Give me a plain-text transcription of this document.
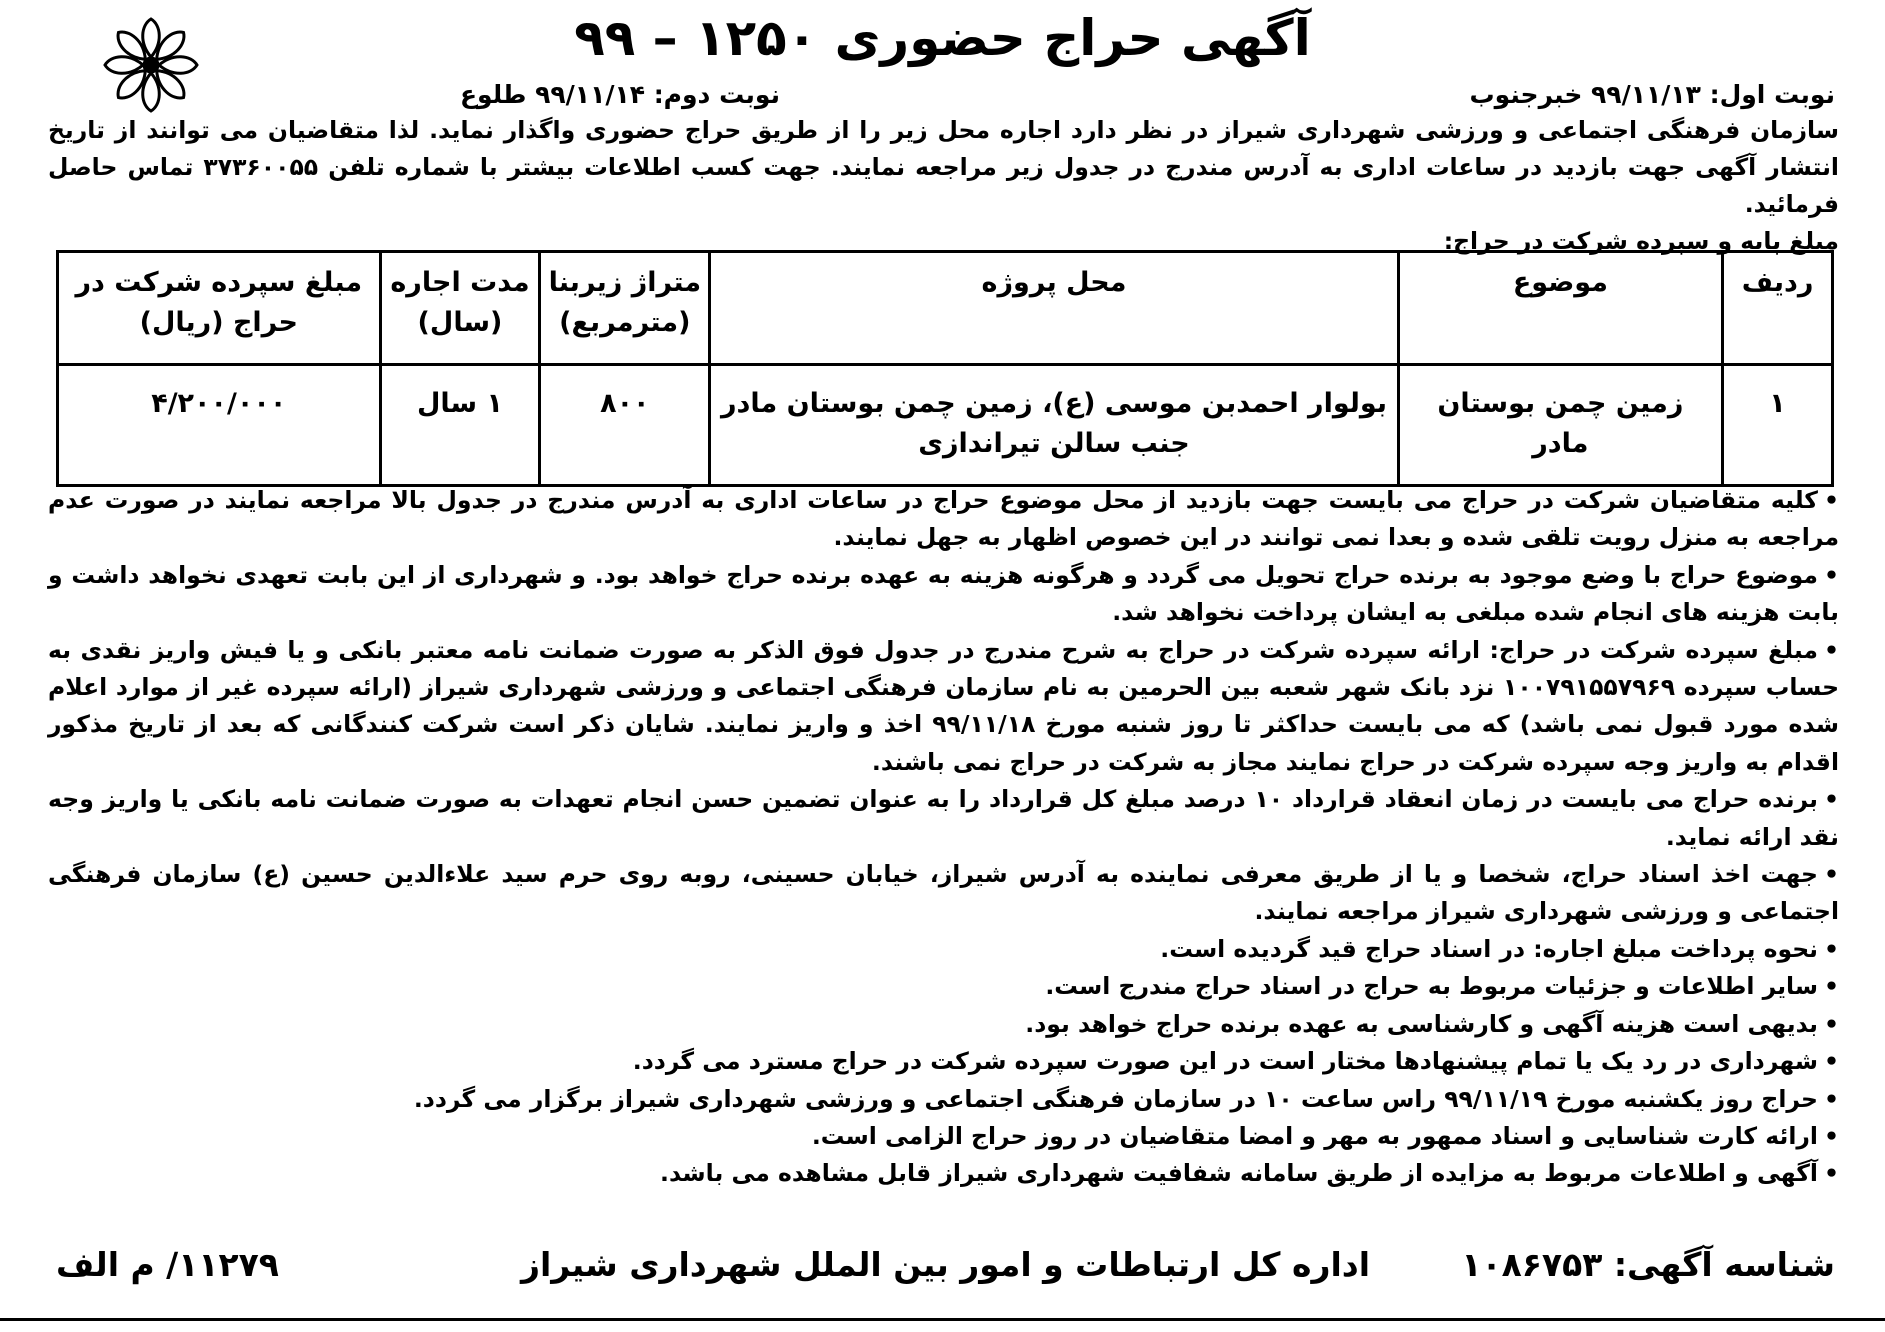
آگهی حراج حضوری ۱۲۵۰ – ۹۹
نوبت اول: ۹۹/۱۱/۱۳ خبرجنوب
نوبت دوم: ۹۹/۱۱/۱۴ طلوع

سازمان فرهنگی اجتماعی و ورزشی شهرداری شیراز در نظر دارد اجاره محل زیر را از طریق حراج حضوری واگذار نماید. لذا متقاضیان می توانند از تاریخ انتشار آگهی جهت بازدید در ساعات اداری به آدرس مندرج در جدول زیر مراجعه نمایند. جهت کسب اطلاعات بیشتر با شماره تلفن ۳۷۳۶۰۰۵۵ تماس حاصل فرمائید.

مبلغ پایه و سپرده شرکت در حراج:

ردیف	موضوع	محل پروژه	متراژ زیربنا (مترمربع)	مدت اجاره (سال)	مبلغ سپرده شرکت در حراج (ریال)
۱	زمین چمن بوستان مادر	بولوار احمدبن موسی (ع)، زمین چمن بوستان مادر جنب سالن تیراندازی	۸۰۰	۱ سال	۴/۲۰۰/۰۰۰
• کلیه متقاضیان شرکت در حراج می بایست جهت بازدید از محل موضوع حراج در ساعات اداری به آدرس مندرج در جدول بالا مراجعه نمایند در صورت عدم مراجعه به منزل رویت تلقی شده و بعدا نمی توانند در این خصوص اظهار به جهل نمایند.
• موضوع حراج با وضع موجود به برنده حراج تحویل می گردد و هرگونه هزینه به عهده برنده حراج خواهد بود. و شهرداری از این بابت تعهدی نخواهد داشت و بابت هزینه های انجام شده مبلغی به ایشان پرداخت نخواهد شد.
• مبلغ سپرده شرکت در حراج: ارائه سپرده شرکت در حراج به شرح مندرج در جدول فوق الذکر به صورت ضمانت نامه معتبر بانکی و یا فیش واریز نقدی به حساب سپرده ۱۰۰۷۹۱۵۵۷۹۶۹ نزد بانک شهر شعبه بین الحرمین به نام سازمان فرهنگی اجتماعی و ورزشی شهرداری شیراز (ارائه سپرده غیر از موارد اعلام شده مورد قبول نمی باشد) که می بایست حداکثر تا روز شنبه مورخ ۹۹/۱۱/۱۸ اخذ و واریز نمایند. شایان ذکر است شرکت کنندگانی که بعد از تاریخ مذکور اقدام به واریز وجه سپرده شرکت در حراج نمایند مجاز به شرکت در حراج نمی باشند.
• برنده حراج می بایست در زمان انعقاد قرارداد ۱۰ درصد مبلغ کل قرارداد را به عنوان تضمین حسن انجام تعهدات به صورت ضمانت نامه بانکی یا واریز وجه نقد ارائه نماید.
• جهت اخذ اسناد حراج، شخصا و یا از طریق معرفی نماینده به آدرس شیراز، خیابان حسینی، روبه روی حرم سید علاءالدین حسین (ع) سازمان فرهنگی اجتماعی و ورزشی شهرداری شیراز مراجعه نمایند.
• نحوه پرداخت مبلغ اجاره: در اسناد حراج قید گردیده است.
• سایر اطلاعات و جزئیات مربوط به حراج در اسناد حراج مندرج است.
• بدیهی است هزینه آگهی و کارشناسی به عهده برنده حراج خواهد بود.
• شهرداری در رد یک یا تمام پیشنهادها مختار است در این صورت سپرده شرکت در حراج مسترد می گردد.
• حراج روز یکشنبه مورخ ۹۹/۱۱/۱۹ راس ساعت ۱۰ در سازمان فرهنگی اجتماعی و ورزشی شهرداری شیراز برگزار می گردد.
• ارائه کارت شناسایی و اسناد ممهور به مهر و امضا متقاضیان در روز حراج الزامی است.
• آگهی و اطلاعات مربوط به مزایده از طریق سامانه شفافیت شهرداری شیراز قابل مشاهده می باشد.
شناسه آگهی: ۱۰۸۶۷۵۳
اداره کل ارتباطات و امور بین الملل شهرداری شیراز
۱۱۲۷۹/ م الف
